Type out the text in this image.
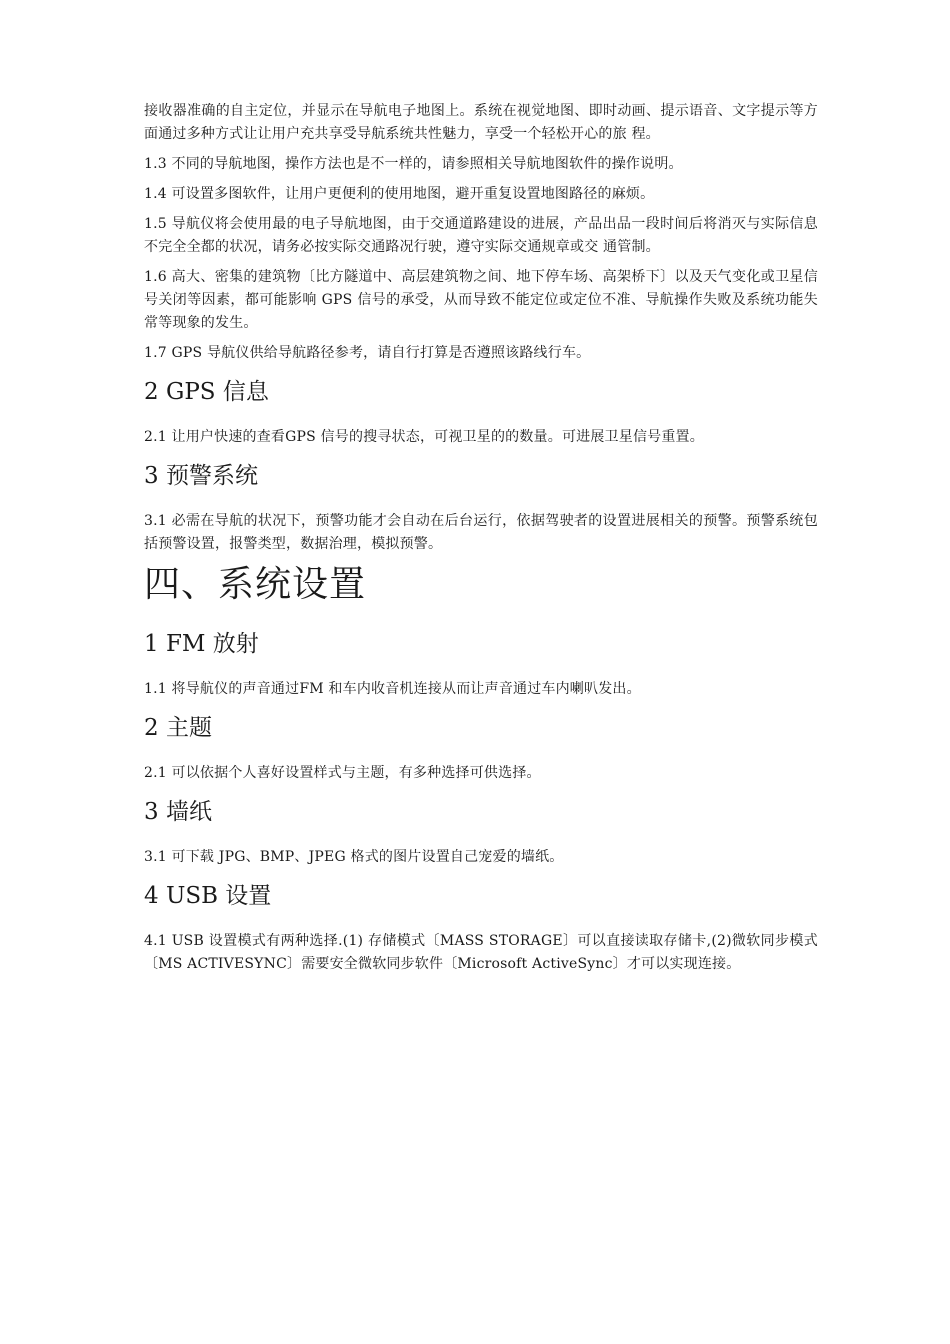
接收器准确的自主定位，并显示在导航电子地图上。系统在视觉地图、即时动画、提示语音、文字提示等方面通过多种方式让让用户充共享受导航系统共性魅力，享受一个轻松开心的旅 程。

1.3 不同的导航地图，操作方法也是不一样的，请参照相关导航地图软件的操作说明。

1.4 可设置多图软件，让用户更便利的使用地图，避开重复设置地图路径的麻烦。

1.5 导航仪将会使用最的电子导航地图，由于交通道路建设的进展，产品出品一段时间后将消灭与实际信息不完全全都的状况，请务必按实际交通路况行驶，遵守实际交通规章或交 通管制。

1.6 高大、密集的建筑物〔比方隧道中、高层建筑物之间、地下停车场、高架桥下〕以及天气变化或卫星信号关闭等因素，都可能影响 GPS 信号的承受，从而导致不能定位或定位不准、导航操作失败及系统功能失常等现象的发生。

1.7 GPS 导航仪供给导航路径参考，请自行打算是否遵照该路线行车。

2 GPS 信息

2.1 让用户快速的查看GPS 信号的搜寻状态，可视卫星的的数量。可进展卫星信号重置。

3 预警系统

3.1 必需在导航的状况下，预警功能才会自动在后台运行，依据驾驶者的设置进展相关的预警。预警系统包括预警设置，报警类型，数据治理，模拟预警。

四、系统设置
1 FM 放射

1.1 将导航仪的声音通过FM 和车内收音机连接从而让声音通过车内喇叭发出。

2 主题

2.1 可以依据个人喜好设置样式与主题，有多种选择可供选择。

3 墙纸

3.1 可下载 JPG、BMP、JPEG 格式的图片设置自己宠爱的墙纸。

4 USB 设置

4.1 USB 设置模式有两种选择.(1) 存储模式〔MASS STORAGE〕可以直接读取存储卡,(2)微软同步模式〔MS ACTIVESYNC〕需要安全微软同步软件〔Microsoft ActiveSync〕才可以实现连接。
